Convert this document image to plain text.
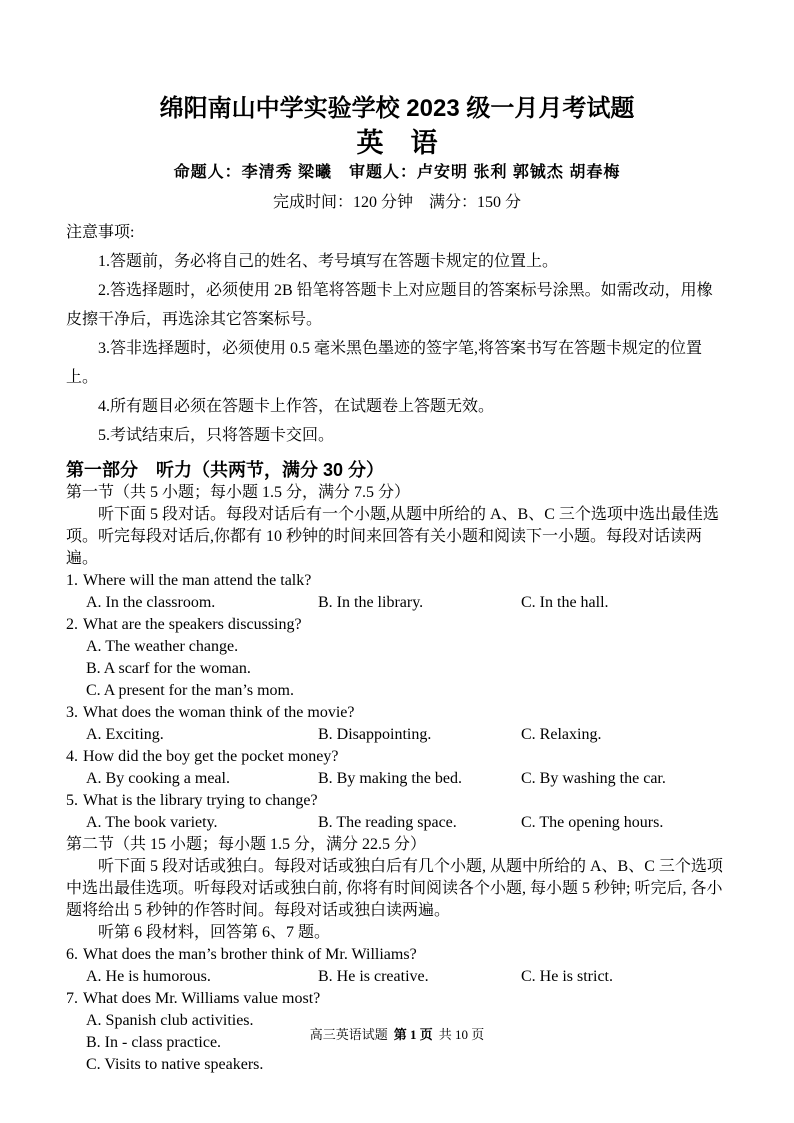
绵阳南山中学实验学校 2023 级一月月考试题
英　语
命题人：李清秀 梁曦　审题人：卢安明 张利 郭铖杰 胡春梅
完成时间：120 分钟　满分：150 分
注意事项:

1.答题前，务必将自己的姓名、考号填写在答题卡规定的位置上。

2.答选择题时，必须使用 2B 铅笔将答题卡上对应题目的答案标号涂黑。如需改动，用橡皮擦干净后，再选涂其它答案标号。

3.答非选择题时，必须使用 0.5 毫米黑色墨迹的签字笔,将答案书写在答题卡规定的位置上。

4.所有题目必须在答题卡上作答，在试题卷上答题无效。

5.考试结束后，只将答题卡交回。

第一部分　听力（共两节，满分 30 分）
第一节（共 5 小题；每小题 1.5 分，满分 7.5 分）

听下面 5 段对话。每段对话后有一个小题,从题中所给的 A、B、C 三个选项中选出最佳选项。听完每段对话后,你都有 10 秒钟的时间来回答有关小题和阅读下一小题。每段对话读两遍。

1. Where will the man attend the talk?
A. In the classroom.	B. In the library.	C. In the hall.
2. What are the speakers discussing?
A. The weather change.
B. A scarf for the woman.
C. A present for the man’s mom.
3. What does the woman think of the movie?
A. Exciting.	B. Disappointing.	C. Relaxing.
4. How did the boy get the pocket money?
A. By cooking a meal.	B. By making the bed.	C. By washing the car.
5. What is the library trying to change?
A. The book variety.	B. The reading space.	C. The opening hours.
第二节（共 15 小题；每小题 1.5 分，满分 22.5 分）

听下面 5 段对话或独白。每段对话或独白后有几个小题, 从题中所给的 A、B、C 三个选项中选出最佳选项。听每段对话或独白前, 你将有时间阅读各个小题, 每小题 5 秒钟; 听完后, 各小题将给出 5 秒钟的作答时间。每段对话或独白读两遍。

听第 6 段材料，回答第 6、7 题。

6. What does the man’s brother think of Mr. Williams?
A. He is humorous.	B. He is creative.	C. He is strict.
7. What does Mr. Williams value most?
A. Spanish club activities.
B. In - class practice.
C. Visits to native speakers.
高三英语试题 第 1 页 共 10 页
